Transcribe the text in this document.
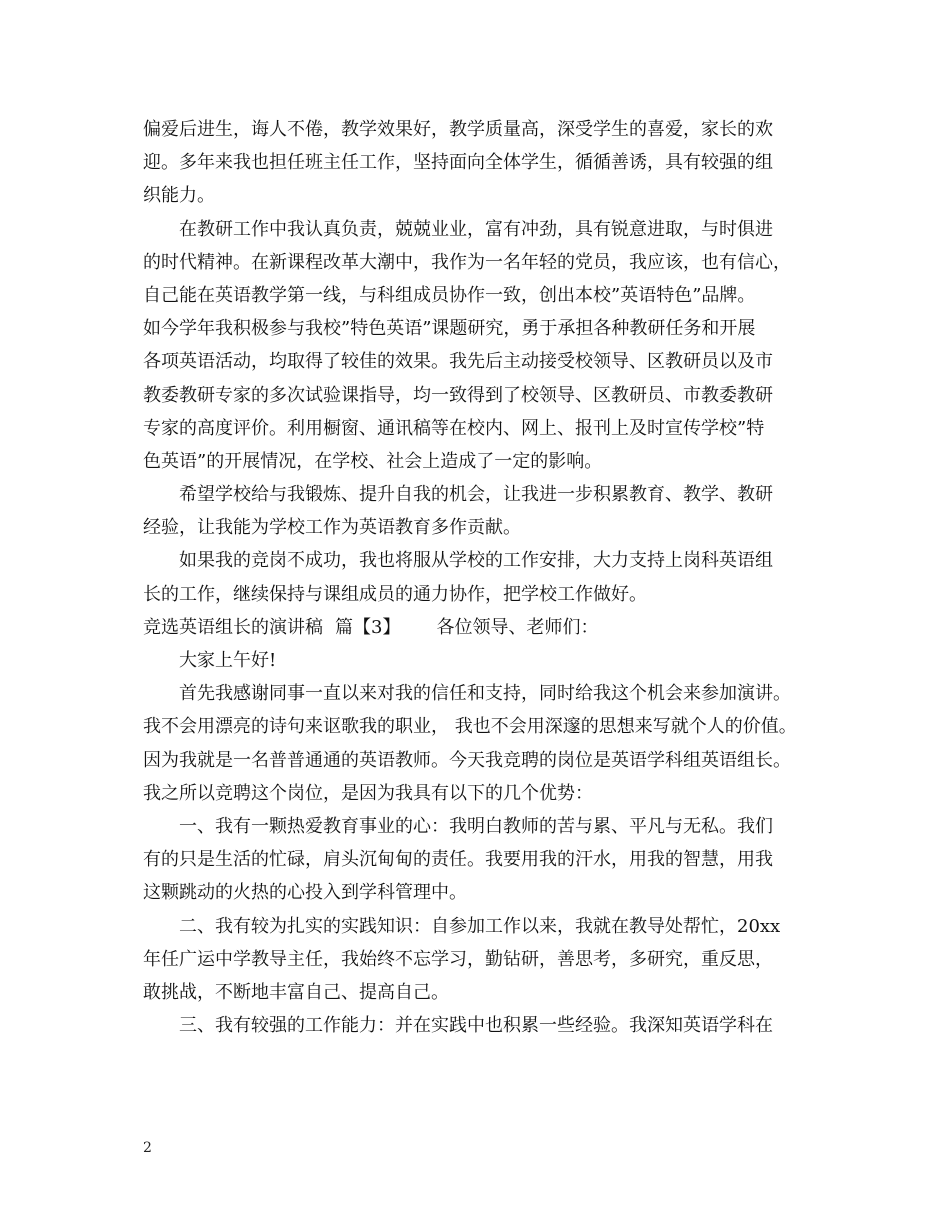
偏爱后进生，诲人不倦，教学效果好，教学质量高，深受学生的喜爱，家长的欢
迎。多年来我也担任班主任工作，坚持面向全体学生，循循善诱，具有较强的组
织能力。
在教研工作中我认真负责，兢兢业业，富有冲劲，具有锐意进取，与时俱进
的时代精神。在新课程改革大潮中，我作为一名年轻的党员，我应该，也有信心，
自己能在英语教学第一线，与科组成员协作一致，创出本校”英语特色”品牌。
如今学年我积极参与我校”特色英语”课题研究，勇于承担各种教研任务和开展
各项英语活动，均取得了较佳的效果。我先后主动接受校领导、区教研员以及市
教委教研专家的多次试验课指导，均一致得到了校领导、区教研员、市教委教研
专家的高度评价。利用橱窗、通讯稿等在校内、网上、报刊上及时宣传学校”特
色英语”的开展情况，在学校、社会上造成了一定的影响。
希望学校给与我锻炼、提升自我的机会，让我进一步积累教育、教学、教研
经验，让我能为学校工作为英语教育多作贡献。
如果我的竞岗不成功，我也将服从学校的工作安排，大力支持上岗科英语组
长的工作，继续保持与课组成员的通力协作，把学校工作做好。
竞选英语组长的演讲稿 篇【3】 各位领导、老师们：
大家上午好!
首先我感谢同事一直以来对我的信任和支持，同时给我这个机会来参加演讲。
我不会用漂亮的诗句来讴歌我的职业， 我也不会用深邃的思想来写就个人的价值。
因为我就是一名普普通通的英语教师。今天我竞聘的岗位是英语学科组英语组长。
我之所以竞聘这个岗位，是因为我具有以下的几个优势：
一、我有一颗热爱教育事业的心：我明白教师的苦与累、平凡与无私。我们
有的只是生活的忙碌，肩头沉甸甸的责任。我要用我的汗水，用我的智慧，用我
这颗跳动的火热的心投入到学科管理中。
二、我有较为扎实的实践知识：自参加工作以来，我就在教导处帮忙，20xx
年任广运中学教导主任，我始终不忘学习，勤钻研，善思考，多研究，重反思，
敢挑战，不断地丰富自己、提高自己。
三、我有较强的工作能力：并在实践中也积累一些经验。我深知英语学科在
2
